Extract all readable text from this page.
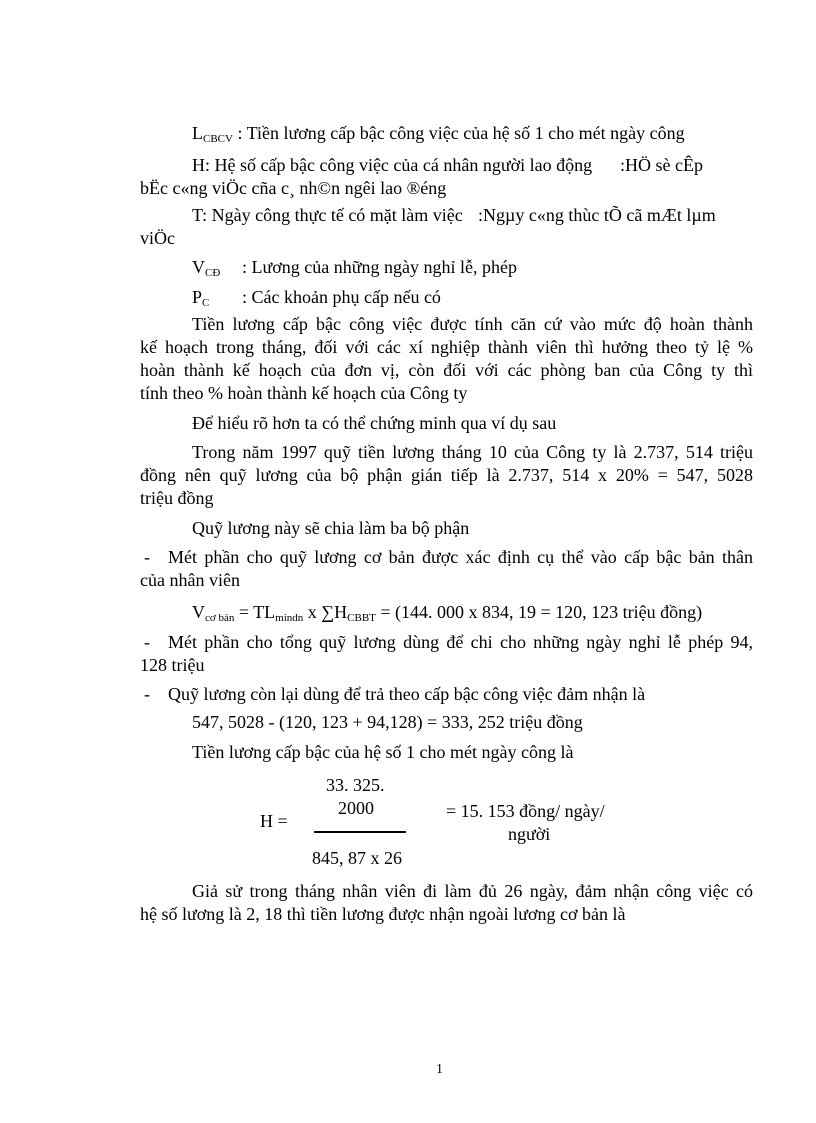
$L_{CBCV}$ : Tiền lương cấp bậc công việc của hệ số 1 cho mét ngày công
H: Hệ số cấp bậc công việc của cá nhân người lao động :HÖ sè cÊp
bËc c«ng viÖc cña c¸ nh©n ngêi lao ®éng
T: Ngày công thực tế có mặt làm việc :Ngµy c«ng thùc tÕ cã mÆt lµm
viÖc
$V_{CĐ}$ : Lương của những ngày nghỉ lễ, phép
$P_C$ : Các khoản phụ cấp nếu có
Tiền lương cấp bậc công việc được tính căn cứ vào mức độ hoàn thành
kế hoạch trong tháng, đối với các xí nghiệp thành viên thì hưởng theo tỷ lệ %
hoàn thành kế hoạch của đơn vị, còn đối với các phòng ban của Công ty thì
tính theo % hoàn thành kế hoạch của Công ty
Để hiểu rõ hơn ta có thể chứng minh qua ví dụ sau
Trong năm 1997 quỹ tiền lương tháng 10 của Công ty là 2.737, 514 triệu
đồng nên quỹ lương của bộ phận gián tiếp là 2.737, 514 x 20% = 547, 5028
triệu đồng
Quỹ lương này sẽ chia làm ba bộ phận
- Mét phần cho quỹ lương cơ bản được xác định cụ thể vào cấp bậc bản thân
của nhân viên
$V_{cơ bản} = TL_{mindn}$ x $\sum H_{CBBT} = (144$. 000 x 834, 19 = 120, 123 triệu đồng)
- Mét phần cho tổng quỹ lương dùng để chi cho những ngày nghỉ lễ phép 94,
128 triệu
- Quỹ lương còn lại dùng để trả theo cấp bậc công việc đảm nhận là
547, 5028 - (120, 123 + 94,128) = 333, 252 triệu đồng
Tiền lương cấp bậc của hệ số 1 cho mét ngày công là
33. 325.
2000
H =
845, 87 x 26
= 15. 153 đồng/ ngày/
người
Giả sử trong tháng nhân viên đi làm đủ 26 ngày, đảm nhận công việc có
hệ số lương là 2, 18 thì tiền lương được nhận ngoài lương cơ bản là
1
